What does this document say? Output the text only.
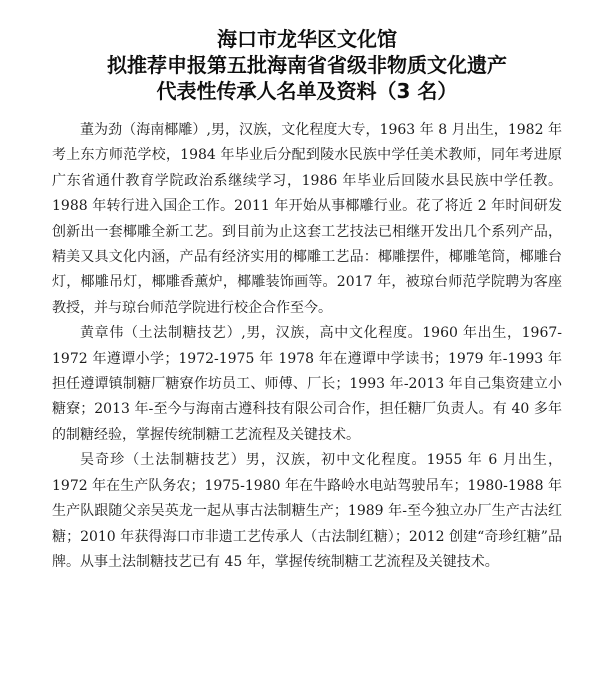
海口市龙华区文化馆

拟推荐申报第五批海南省省级非物质文化遗产

代表性传承人名单及资料（3 名）

董为劲（海南椰雕）,男，汉族，文化程度大专，1963 年 8 月出生，1982 年考上东方师范学校，1984 年毕业后分配到陵水民族中学任美术教师，同年考进原广东省通什教育学院政治系继续学习，1986 年毕业后回陵水县民族中学任教。1988 年转行进入国企工作。2011 年开始从事椰雕行业。花了将近 2 年时间研发创新出一套椰雕全新工艺。到目前为止这套工艺技法已相继开发出几个系列产品，精美又具文化内涵，产品有经济实用的椰雕工艺品：椰雕摆件，椰雕笔筒，椰雕台灯，椰雕吊灯，椰雕香薰炉，椰雕装饰画等。2017 年，被琼台师范学院聘为客座教授，并与琼台师范学院进行校企合作至今。

黄章伟（土法制糖技艺）,男，汉族，高中文化程度。1960 年出生，1967-1972 年遵谭小学；1972-1975 年 1978 年在遵谭中学读书；1979 年-1993 年担任遵谭镇制糖厂糖寮作坊员工、师傅、厂长；1993 年-2013 年自己集资建立小糖寮；2013 年-至今与海南古遵科技有限公司合作，担任糖厂负责人。有 40 多年的制糖经验，掌握传统制糖工艺流程及关键技术。

吴奇珍（土法制糖技艺）男，汉族，初中文化程度。1955 年 6 月出生，1972 年在生产队务农；1975-1980 年在牛路岭水电站驾驶吊车；1980-1988 年生产队跟随父亲吴英龙一起从事古法制糖生产；1989 年-至今独立办厂生产古法红糖；2010 年获得海口市非遗工艺传承人（古法制红糖）；2012 创建“奇珍红糖”品牌。从事土法制糖技艺已有 45 年，掌握传统制糖工艺流程及关键技术。
